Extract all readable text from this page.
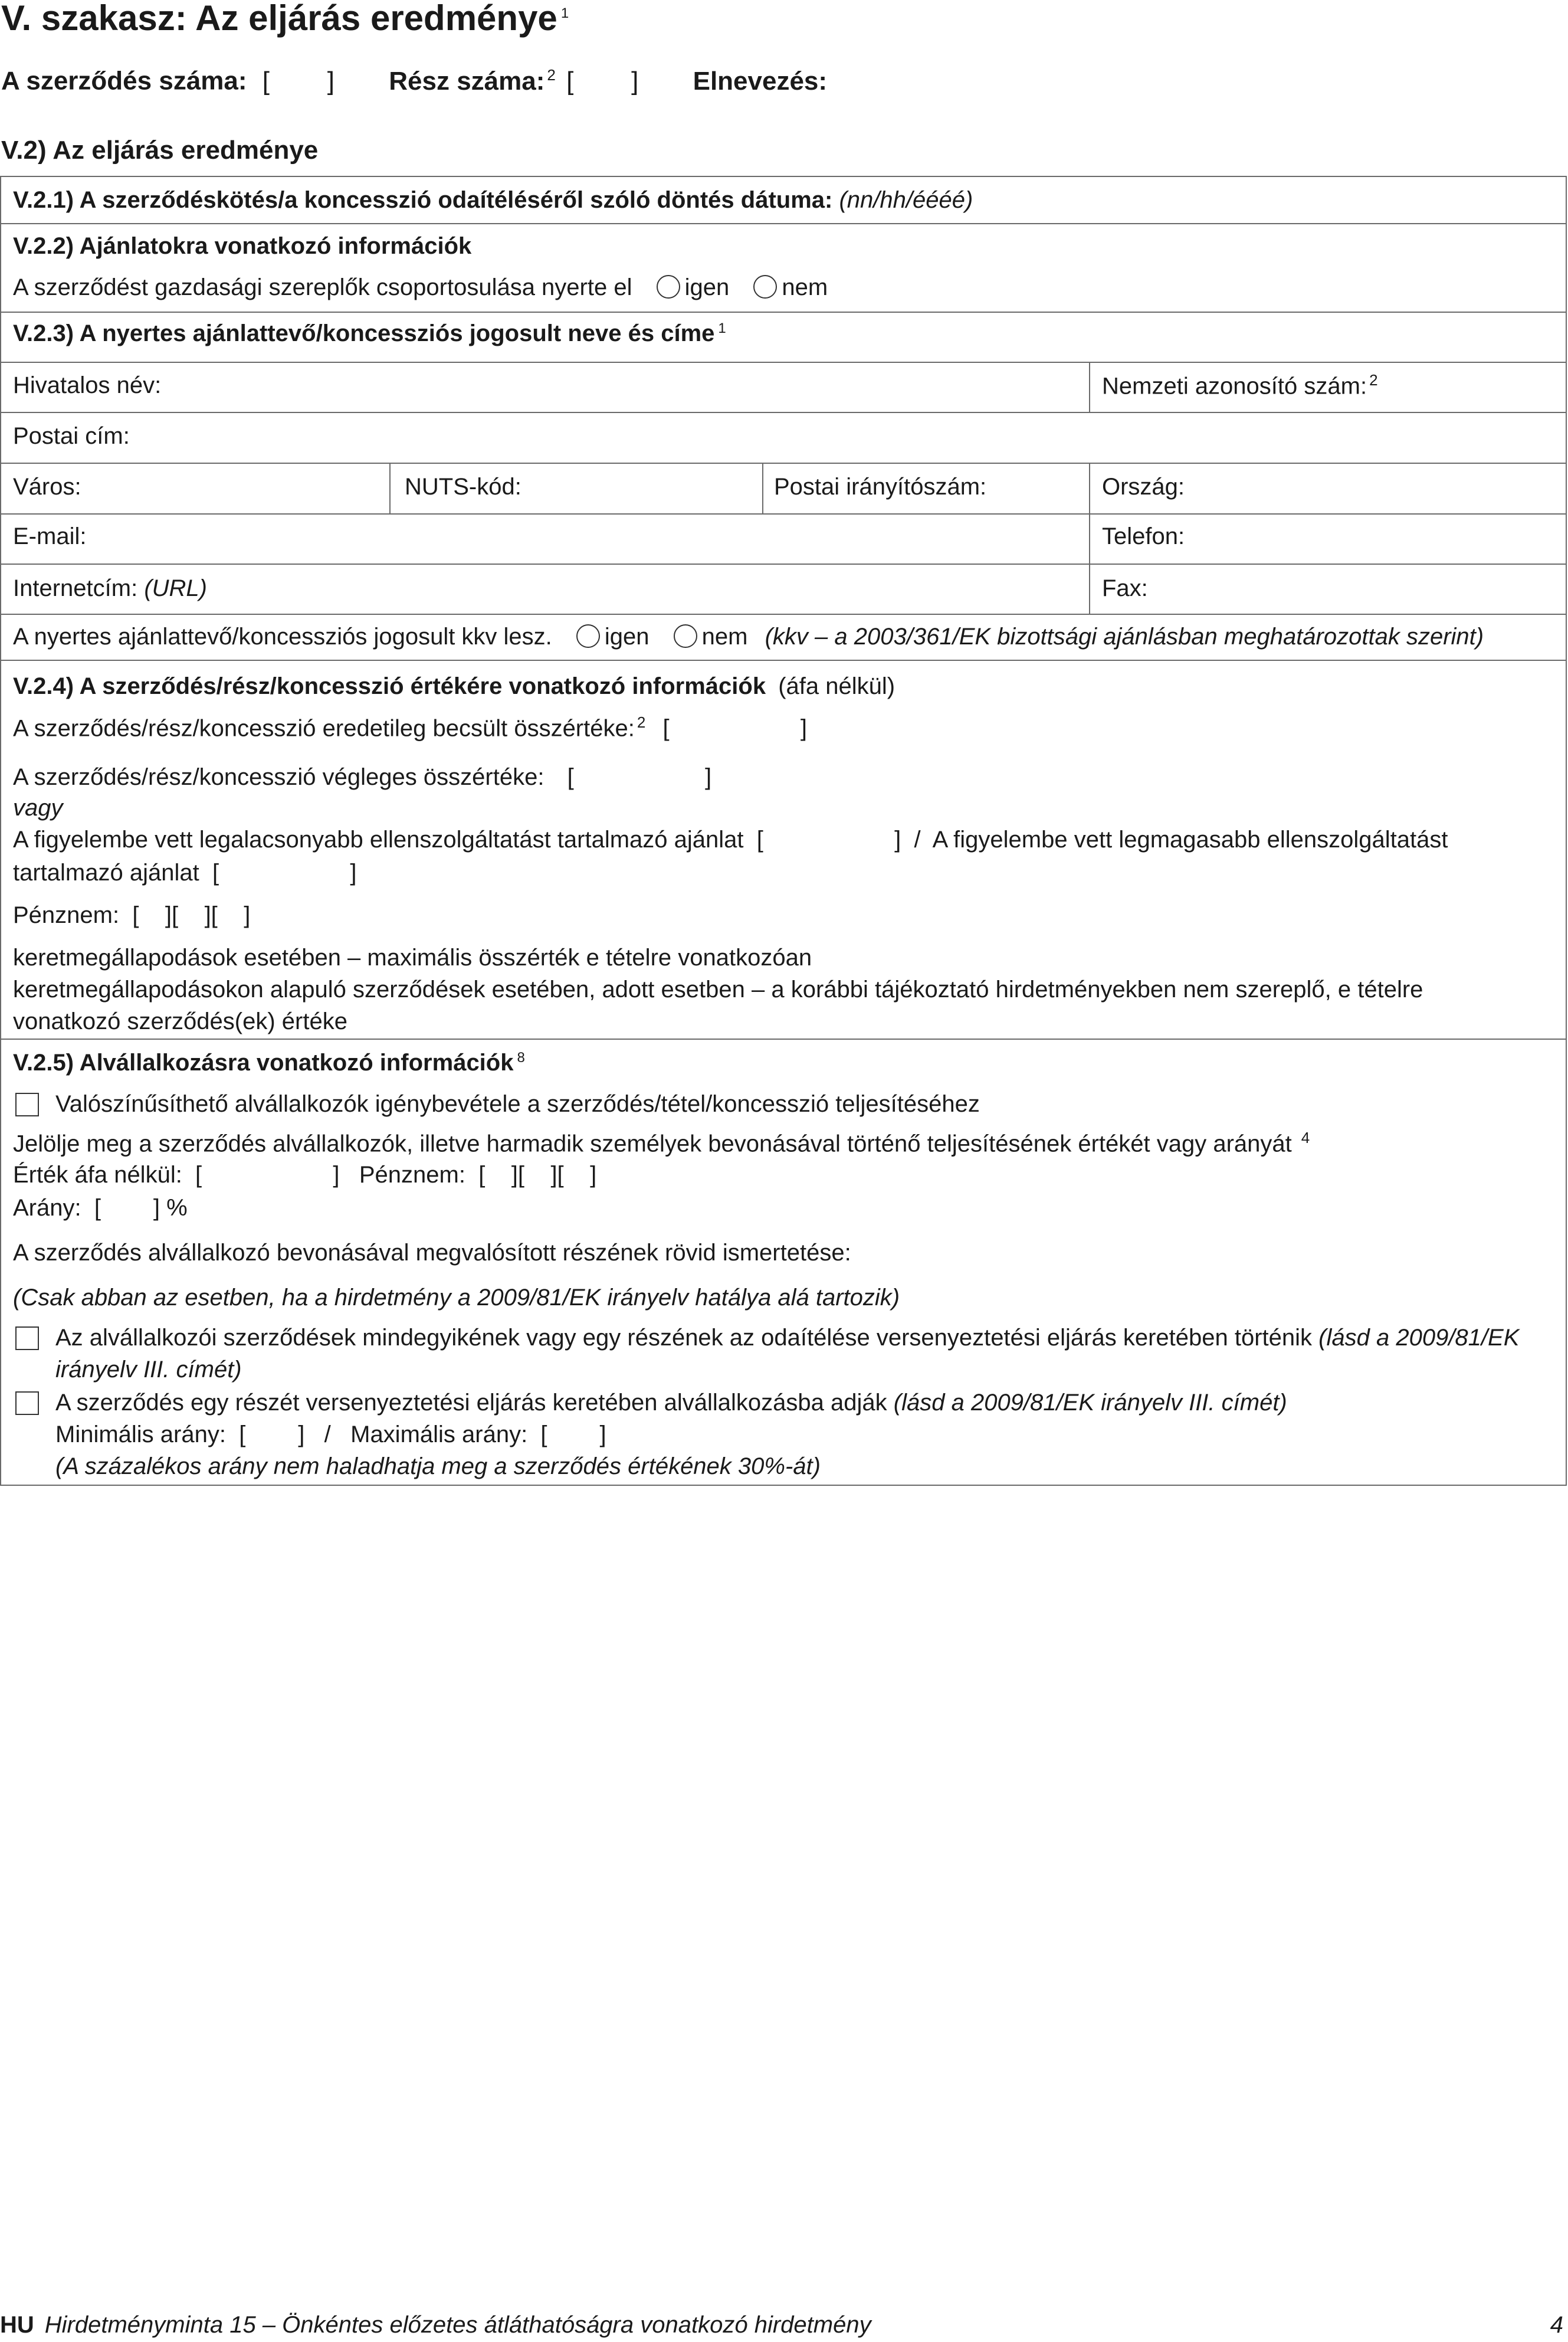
V. szakasz: Az eljárás eredménye $^1$
A szerződés száma: [        ] Rész száma: $^2$ [        ] Elnevezés:
V.2) Az eljárás eredménye
V.2.1) A szerződéskötés/a koncesszió odaítéléséről szóló döntés dátuma: (nn/hh/éééé)
V.2.2) Ajánlatokra vonatkozó információk
A szerződést gazdasági szereplők csoportosulása nyerte el igen nem
V.2.3) A nyertes ajánlattevő/koncessziós jogosult neve és címe $^1$
Hivatalos név:	Nemzeti azonosító szám: $^2$
Postai cím:
Város:	NUTS-kód:	Postai irányítószám:	Ország:
E-mail:	Telefon:
Internetcím: (URL)	Fax:
A nyertes ajánlattevő/koncessziós jogosult kkv lesz. igen nem (kkv – a 2003/361/EK bizottsági ajánlásban meghatározottak szerint)
V.2.4) A szerződés/rész/koncesszió értékére vonatkozó információk (áfa nélkül)
A szerződés/rész/koncesszió eredetileg becsült összértéke: $^2$ [                    ]
A szerződés/rész/koncesszió végleges összértéke: [                    ]
vagy
A figyelembe vett legalacsonyabb ellenszolgáltatást tartalmazó ajánlat  [                    ]  /  A figyelembe vett legmagasabb ellenszolgáltatást
tartalmazó ajánlat  [                    ]
Pénznem:  [    ][    ][    ]
keretmegállapodások esetében – maximális összérték e tételre vonatkozóan
keretmegállapodásokon alapuló szerződések esetében, adott esetben – a korábbi tájékoztató hirdetményekben nem szereplő, e tételre
vonatkozó szerződés(ek) értéke
V.2.5) Alvállalkozásra vonatkozó információk $^8$
Valószínűsíthető alvállalkozók igénybevétele a szerződés/tétel/koncesszió teljesítéséhez
Jelölje meg a szerződés alvállalkozók, illetve harmadik személyek bevonásával történő teljesítésének értékét vagy arányát $^4$
Érték áfa nélkül:  [                    ]   Pénznem:  [    ][    ][    ]
Arány:  [        ] %
A szerződés alvállalkozó bevonásával megvalósított részének rövid ismertetése:
(Csak abban az esetben, ha a hirdetmény a 2009/81/EK irányelv hatálya alá tartozik)
Az alvállalkozói szerződések mindegyikének vagy egy részének az odaítélése versenyeztetési eljárás keretében történik (lásd a 2009/81/EK
irányelv III. címét)
A szerződés egy részét versenyeztetési eljárás keretében alvállalkozásba adják (lásd a 2009/81/EK irányelv III. címét)
Minimális arány:  [        ]   /   Maximális arány:  [        ]
(A százalékos arány nem haladhatja meg a szerződés értékének 30%-át)
HU Hirdetményminta 15 – Önkéntes előzetes átláthatóságra vonatkozó hirdetmény	4
